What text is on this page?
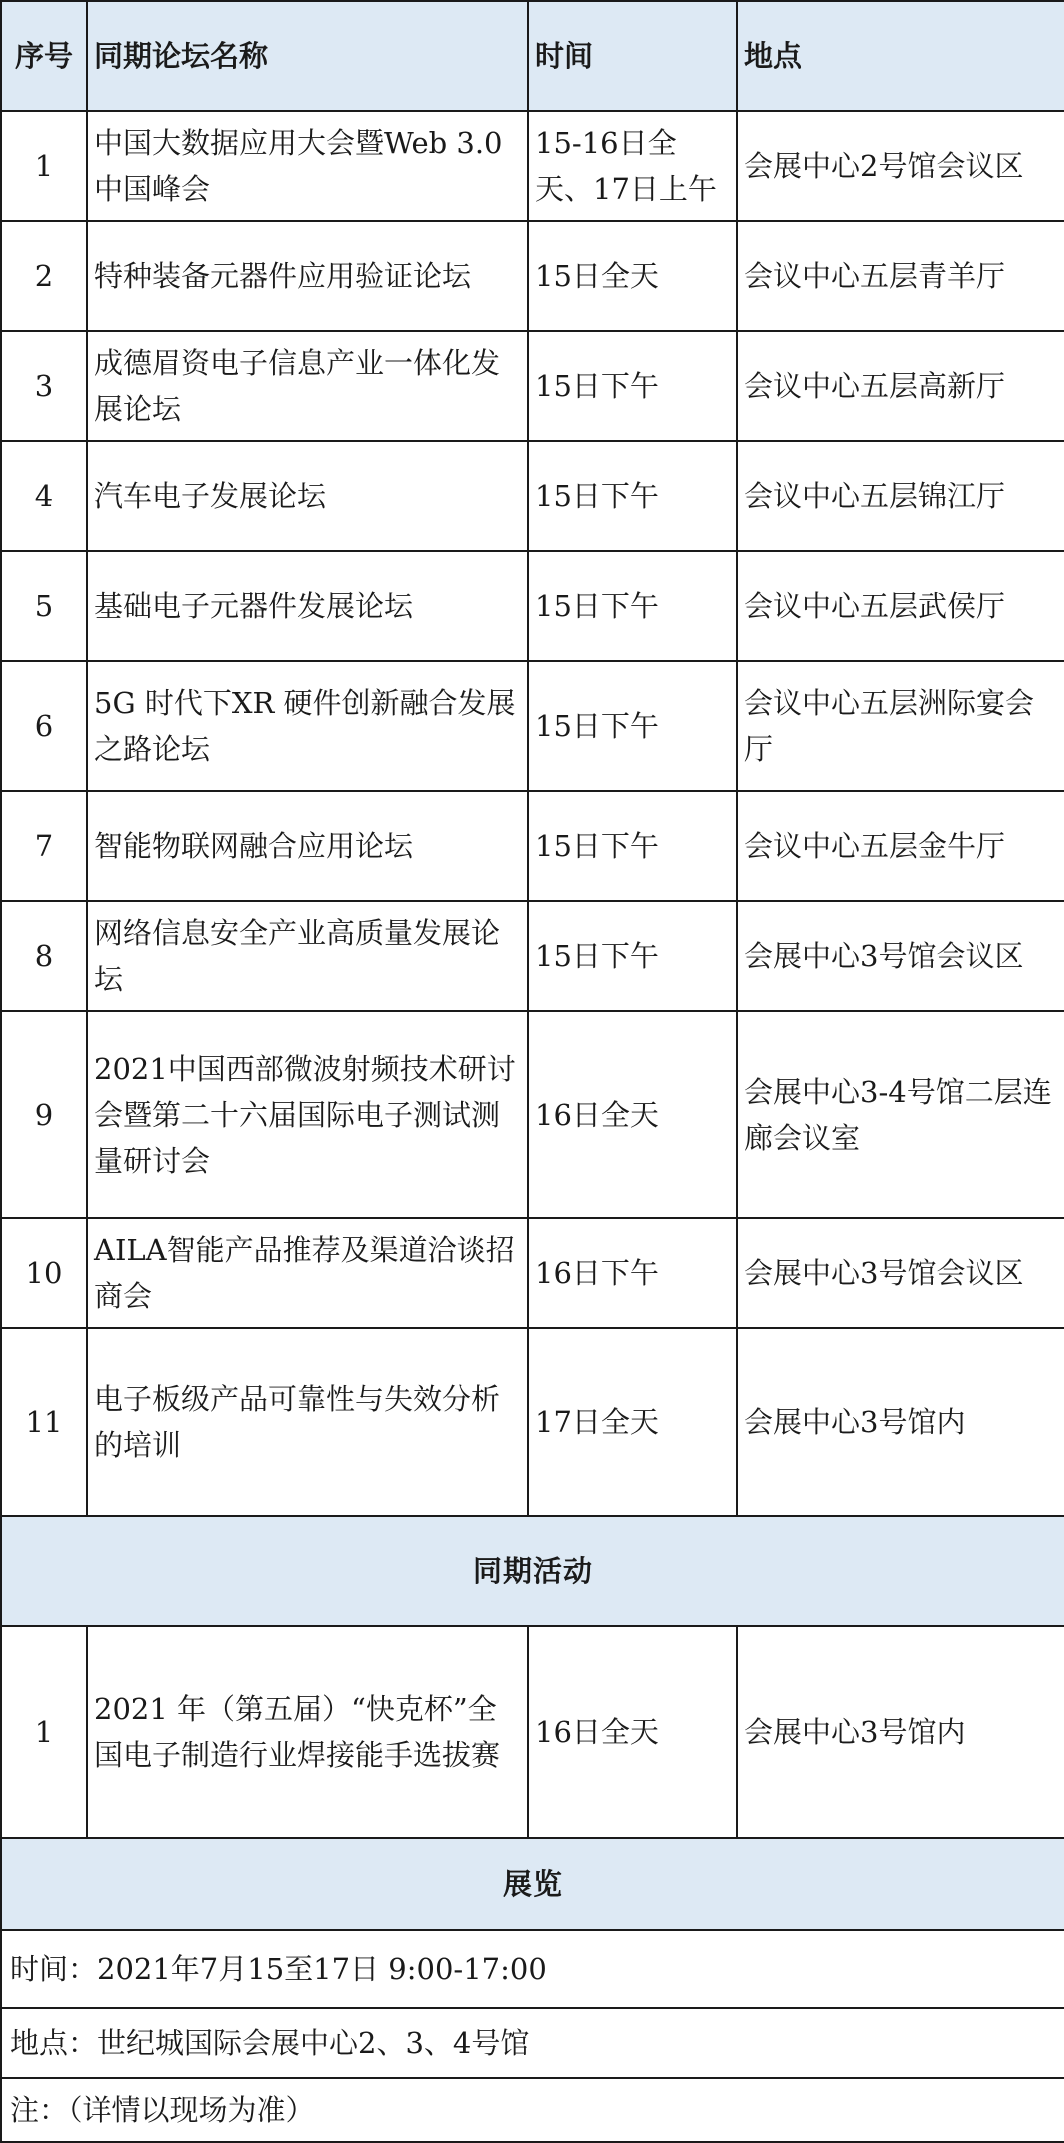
序号	同期论坛名称	时间	地点
1	中国大数据应用大会暨Web 3.0中国峰会	15-16日全天、17日上午	会展中心2号馆会议区
2	特种装备元器件应用验证论坛	15日全天	会议中心五层青羊厅
3	成德眉资电子信息产业一体化发展论坛	15日下午	会议中心五层高新厅
4	汽车电子发展论坛	15日下午	会议中心五层锦江厅
5	基础电子元器件发展论坛	15日下午	会议中心五层武侯厅
6	5G 时代下XR 硬件创新融合发展之路论坛	15日下午	会议中心五层洲际宴会厅
7	智能物联网融合应用论坛	15日下午	会议中心五层金牛厅
8	网络信息安全产业高质量发展论坛	15日下午	会展中心3号馆会议区
9	2021中国西部微波射频技术研讨会暨第二十六届国际电子测试测量研讨会	16日全天	会展中心3-4号馆二层连廊会议室
10	AILA智能产品推荐及渠道洽谈招商会	16日下午	会展中心3号馆会议区
11	电子板级产品可靠性与失效分析的培训	17日全天	会展中心3号馆内
同期活动			
1	2021 年（第五届）“快克杯”全国电子制造行业焊接能手选拔赛	16日全天	会展中心3号馆内
展览			
时间：2021年7月15至17日 9:00-17:00			
地点：世纪城国际会展中心2、3、4号馆			
注：（详情以现场为准）			
